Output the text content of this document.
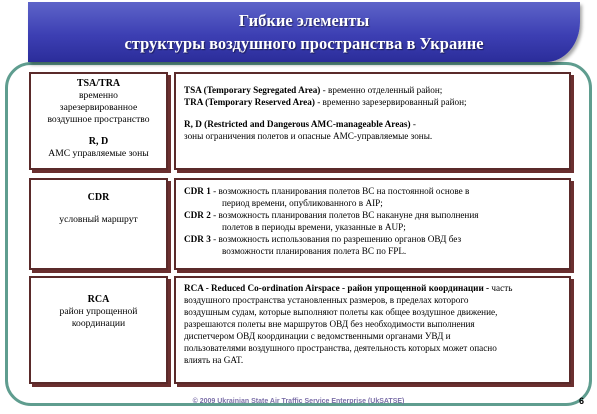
Гибкие элементы
структуры воздушного пространства в Украине
TSA/TRA
временно
зарезервированное
воздушное пространство
R, D
АМС управляемые зоны

TSA (Temporary Segregated Area) - временно отделенный район;

TRA (Temporary Reserved Area) - временно зарезервированный район;

R, D (Restricted and Dangerous AMC-manageable Areas) -

зоны ограничения полетов и опасные АМС-управляемые зоны.

CDR
условный маршрут

CDR 1 - возможность планирования полетов ВС на постоянной основе в

период времени, опубликованного в AIP;

CDR 2 - возможность планирования полетов ВС накануне дня выполнения

полетов в периоды времени, указанные в AUP;

CDR 3 - возможность использования по разрешению органов ОВД без

возможности планирования полета ВС по FPL.

RCA
район упрощенной
координации

RCA - Reduced Co-ordination Airspace - район упрощенной координации - часть

воздушного пространства установленных размеров, в пределах которого

воздушным судам, которые выполняют полеты как общее воздушное движение,

разрешаются полеты вне маршрутов ОВД без необходимости выполнения

диспетчером ОВД координации с ведомственными органами УВД и

пользователями воздушного пространства, деятельность которых может опасно

влиять на GAT.

© 2009 Ukrainian State Air Traffic Service Enterprise (UkSATSE)	6
